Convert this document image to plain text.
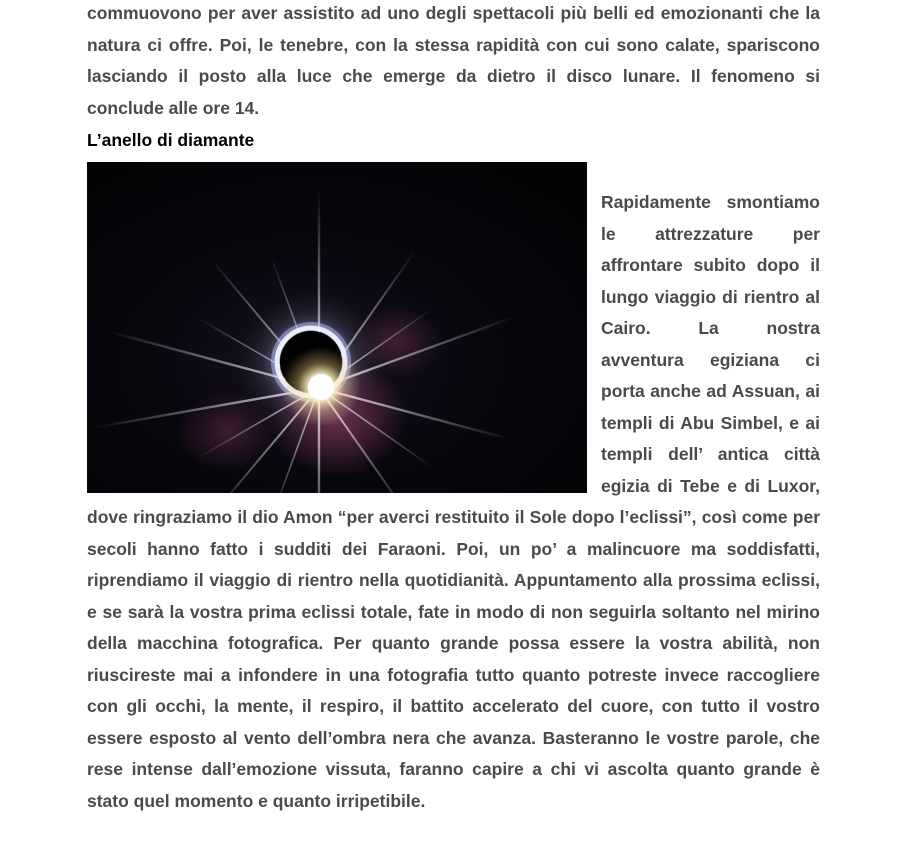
commuovono per aver assistito ad uno degli spettacoli più belli ed emozionanti che la natura ci offre. Poi, le tenebre, con la stessa rapidità con cui sono calate, spariscono lasciando il posto alla luce che emerge da dietro il disco lunare. Il fenomeno si conclude alle ore 14.

L’anello di diamante

Rapidamente smontiamo le attrezzature per affrontare subito dopo il lungo viaggio di rientro al Cairo. La nostra avventura egiziana ci porta anche ad Assuan, ai templi di Abu Simbel, e ai templi dell’ antica città egizia di Tebe e di Luxor, dove ringraziamo il dio Amon “per averci restituito il Sole dopo l’eclissi”, così come per secoli hanno fatto i sudditi dei Faraoni. Poi, un po’ a malincuore ma soddisfatti, riprendiamo il viaggio di rientro nella quotidianità. Appuntamento alla prossima eclissi, e se sarà la vostra prima eclissi totale, fate in modo di non seguirla soltanto nel mirino della macchina fotografica. Per quanto grande possa essere la vostra abilità, non riuscireste mai a infondere in una fotografia tutto quanto potreste invece raccogliere con gli occhi, la mente, il respiro, il battito accelerato del cuore, con tutto il vostro essere esposto al vento dell’ombra nera che avanza. Basteranno le vostre parole, che rese intense dall’emozione vissuta, faranno capire a chi vi ascolta quanto grande è stato quel momento e quanto irripetibile.
